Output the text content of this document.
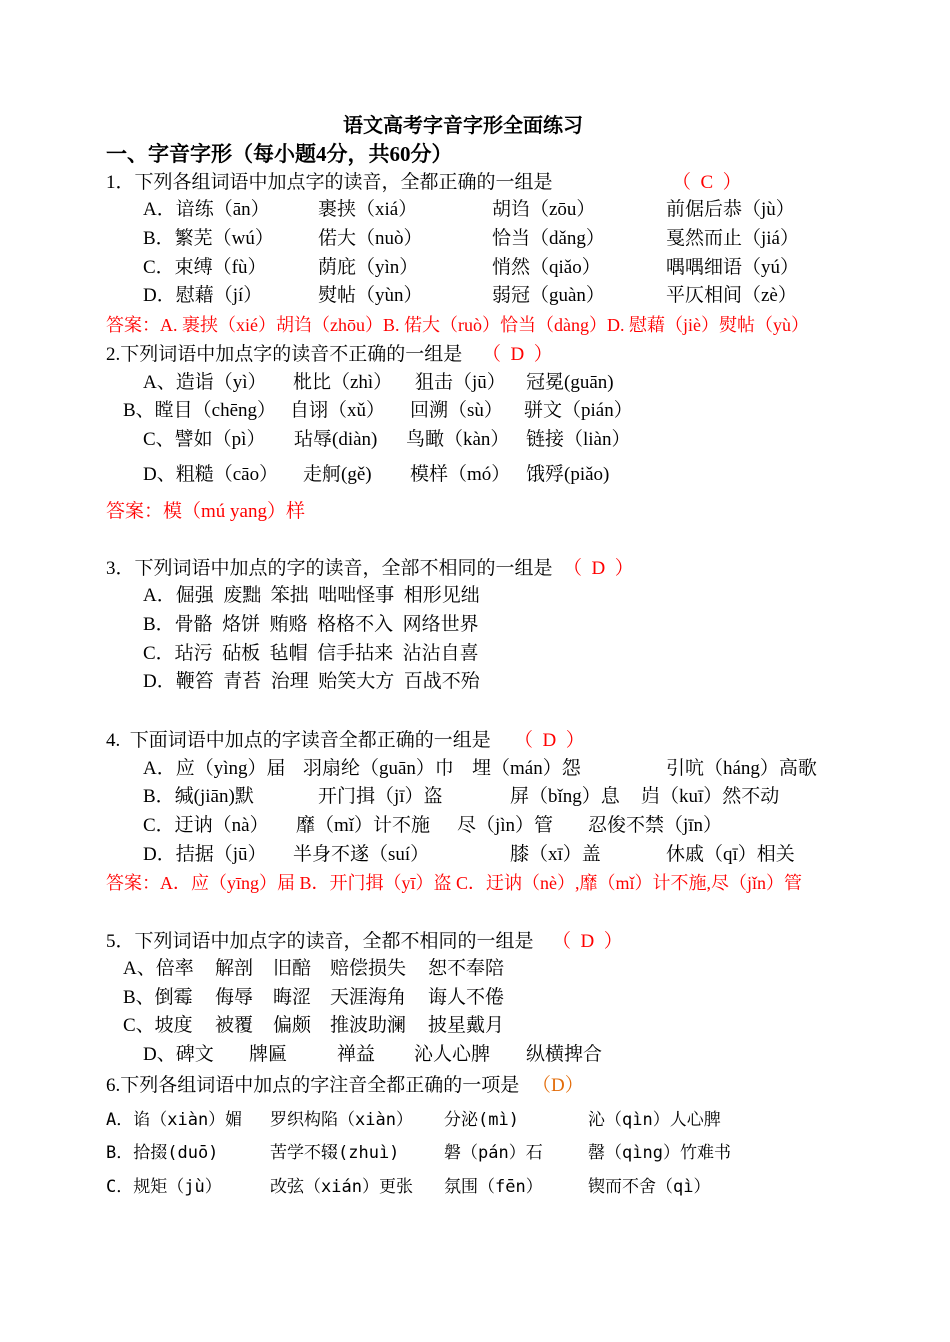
语文高考字音字形全面练习
一、字音字形（每小题4分，共60分）
1．下列各组词语中加点字的读音，全都正确的一组是	（  C  ）
A．谙练（ān）	裹挟（xiá）	胡诌（zōu）	前倨后恭（jù）
B．繁芜（wú） 偌大（nuò）	恰当（dǎng）	戛然而止（jiá）
C．束缚（fù）	荫庇（yìn）	悄然（qiǎo）	喁喁细语（yú）
D．慰藉（jí）	熨帖（yùn）	弱冠（guàn）	平仄相间（zè）
答案：A. 裹挟（xié）胡诌（zhōu）B. 偌大（ruò）恰当（dàng）D. 慰藉（jiè）熨帖（yù）
2.下列词语中加点字的读音不正确的一组是 （  D  ）
A、造诣（yì） 枇比（zhì） 狙击（jū） 冠冕(guān)
B、瞠目（chēng） 自诩（xǔ） 回溯（sù） 骈文（pián）
C、譬如（pì） 玷辱(diàn) 鸟瞰（kàn） 链接（liàn）
D、粗糙（cāo） 走舸(gě) 模样（mó） 饿殍(piǎo)
答案：模（mú yang）样
3．下列词语中加点的字的读音，全部不相同的一组是 （  D  ）
A．倔强  废黜  笨拙  咄咄怪事  相形见绌
B．骨骼  烙饼  贿赂  格格不入  网络世界
C．玷污  砧板  毡帽  信手拈来  沾沾自喜
D．鞭笞  青苔  治理  贻笑大方  百战不殆
4.  下面词语中加点的字读音全都正确的一组是 （  D  ）
A．应（yìng）届 羽扇纶（guān）巾 埋（mán）怨	引吭（háng）高歌
B．缄(jiān)默	开门揖（jī）盗	屏（bǐng）息 岿（kuī）然不动
C．迂讷（nà） 靡（mǐ）计不施 尽（jìn）管 忍俊不禁（jīn）
D．拮据（jū） 半身不遂（suí）	膝（xī）盖	休戚（qī）相关
答案：A．应（yīng）届 B．开门揖（yī）盗 C．迂讷（nè）,靡（mǐ）计不施,尽（jǐn）管
5．下列词语中加点字的读音，全都不相同的一组是 （  D  ）
A、倍率 解剖 旧醅 赔偿损失 恕不奉陪
B、倒霉 侮辱 晦涩 天涯海角 诲人不倦
C、坡度 被覆 偏颇 推波助澜 披星戴月
D、碑文 牌匾	禅益 沁人心脾 纵横捭合
6.下列各组词语中加点的字注音全都正确的一项是 （D）
A．谄（xiàn）媚 罗织构陷（xiàn） 分泌(mì)	沁（qìn）人心脾
B．拾掇(duō)	苦学不辍(zhuì)	磐（pán）石	罄（qìng）竹难书
C．规矩（jù）	改弦（xián）更张 氛围（fēn）	锲而不舍（qì）
